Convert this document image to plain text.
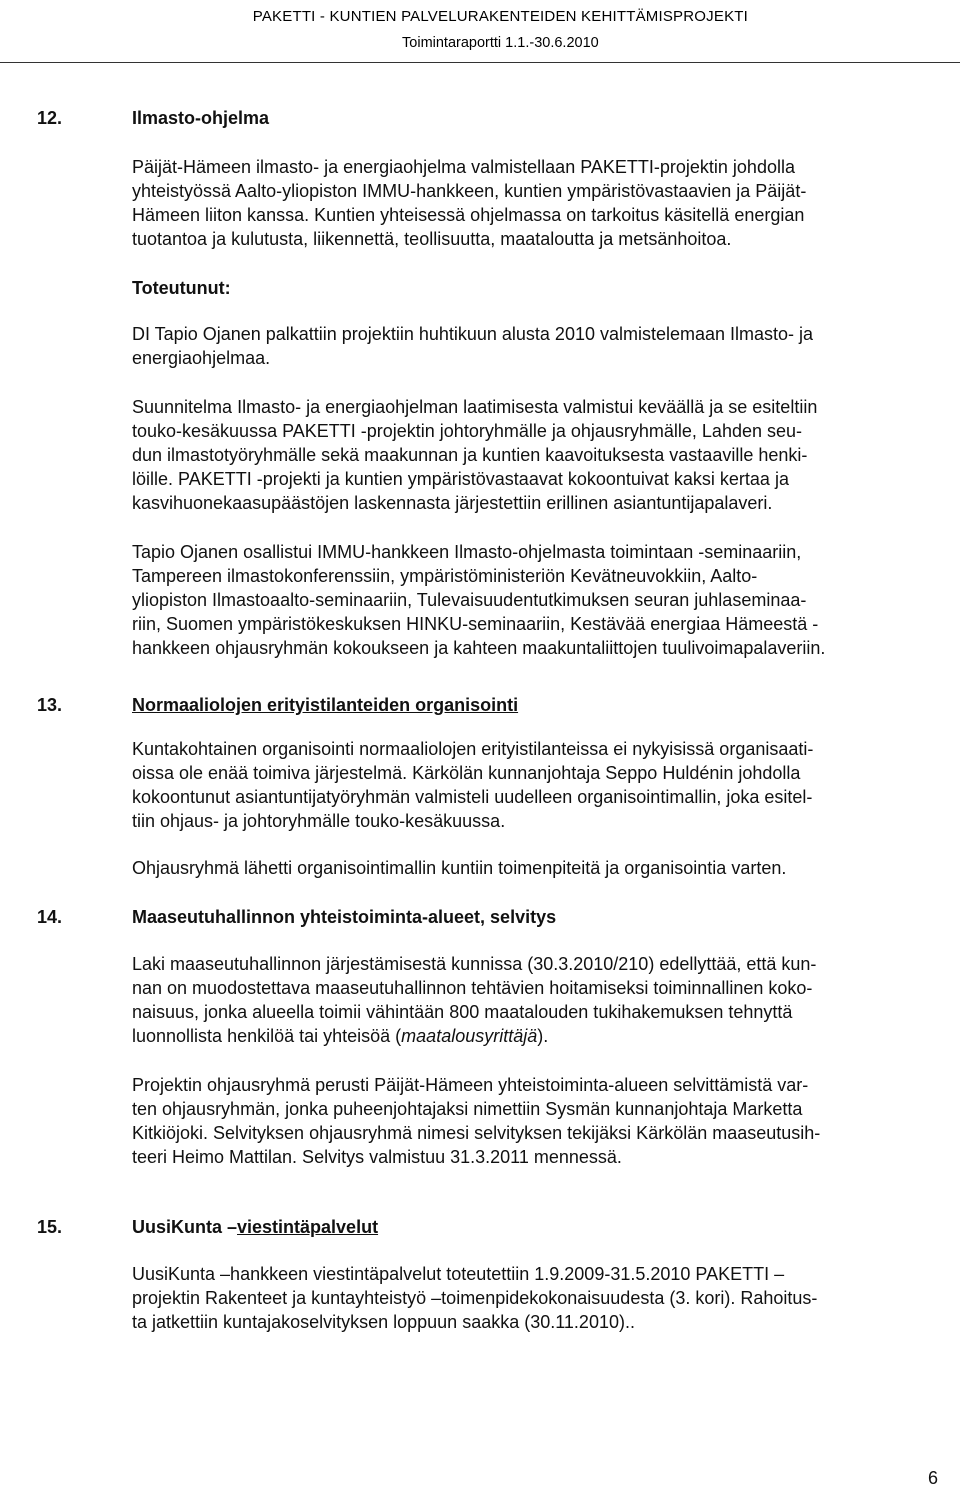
PAKETTI - KUNTIEN PALVELURAKENTEIDEN KEHITTÄMISPROJEKTI
Toimintaraportti 1.1.-30.6.2010
12.	Ilmasto-ohjelma

Päijät-Hämeen ilmasto- ja energiaohjelma valmistellaan PAKETTI-projektin johdolla
yhteistyössä Aalto-yliopiston IMMU-hankkeen, kuntien ympäristövastaavien ja Päijät-
Hämeen liiton kanssa. Kuntien yhteisessä ohjelmassa on tarkoitus käsitellä energian
tuotantoa ja kulutusta, liikennettä, teollisuutta, maataloutta ja metsänhoitoa.

Toteutunut:

DI Tapio Ojanen palkattiin projektiin huhtikuun alusta 2010 valmistelemaan Ilmasto- ja
energiaohjelmaa.

Suunnitelma Ilmasto- ja energiaohjelman laatimisesta valmistui keväällä ja se esiteltiin
touko-kesäkuussa PAKETTI -projektin johtoryhmälle ja ohjausryhmälle, Lahden seu-
dun ilmastotyöryhmälle sekä maakunnan ja kuntien kaavoituksesta vastaaville henki-
löille. PAKETTI -projekti ja kuntien ympäristövastaavat kokoontuivat kaksi kertaa ja
kasvihuonekaasupäästöjen laskennasta järjestettiin erillinen asiantuntijapalaveri.

Tapio Ojanen osallistui IMMU-hankkeen Ilmasto-ohjelmasta toimintaan -seminaariin,
Tampereen ilmastokonferenssiin, ympäristöministeriön Kevätneuvokkiin, Aalto-
yliopiston Ilmastoaalto-seminaariin, Tulevaisuudentutkimuksen seuran juhlaseminaa-
riin, Suomen ympäristökeskuksen HINKU-seminaariin, Kestävää energiaa Hämeestä -
hankkeen ohjausryhmän kokoukseen ja kahteen maakuntaliittojen tuulivoimapalaveriin.

13.	Normaaliolojen erityistilanteiden organisointi

Kuntakohtainen organisointi normaaliolojen erityistilanteissa ei nykyisissä organisaati-
oissa ole enää toimiva järjestelmä. Kärkölän kunnanjohtaja Seppo Huldénin johdolla
kokoontunut asiantuntijatyöryhmän valmisteli uudelleen organisointimallin, joka esitel-
tiin ohjaus- ja johtoryhmälle touko-kesäkuussa.

Ohjausryhmä lähetti organisointimallin kuntiin toimenpiteitä ja organisointia varten.

14.	Maaseutuhallinnon yhteistoiminta-alueet, selvitys

Laki maaseutuhallinnon järjestämisestä kunnissa (30.3.2010/210) edellyttää, että kun-
nan on muodostettava maaseutuhallinnon tehtävien hoitamiseksi toiminnallinen koko-
naisuus, jonka alueella toimii vähintään 800 maatalouden tukihakemuksen tehnyttä
luonnollista henkilöä tai yhteisöä (maatalousyrittäjä).

Projektin ohjausryhmä perusti Päijät-Hämeen yhteistoiminta-alueen selvittämistä var-
ten ohjausryhmän, jonka puheenjohtajaksi nimettiin Sysmän kunnanjohtaja Marketta
Kitkiöjoki. Selvityksen ohjausryhmä nimesi selvityksen tekijäksi Kärkölän maaseutusih-
teeri Heimo Mattilan. Selvitys valmistuu 31.3.2011 mennessä.

15.	UusiKunta –viestintäpalvelut

UusiKunta –hankkeen viestintäpalvelut toteutettiin 1.9.2009-31.5.2010 PAKETTI –
projektin Rakenteet ja kuntayhteistyö –toimenpidekokonaisuudesta (3. kori). Rahoitus-
ta jatkettiin kuntajakoselvityksen loppuun saakka (30.11.2010)..

6
